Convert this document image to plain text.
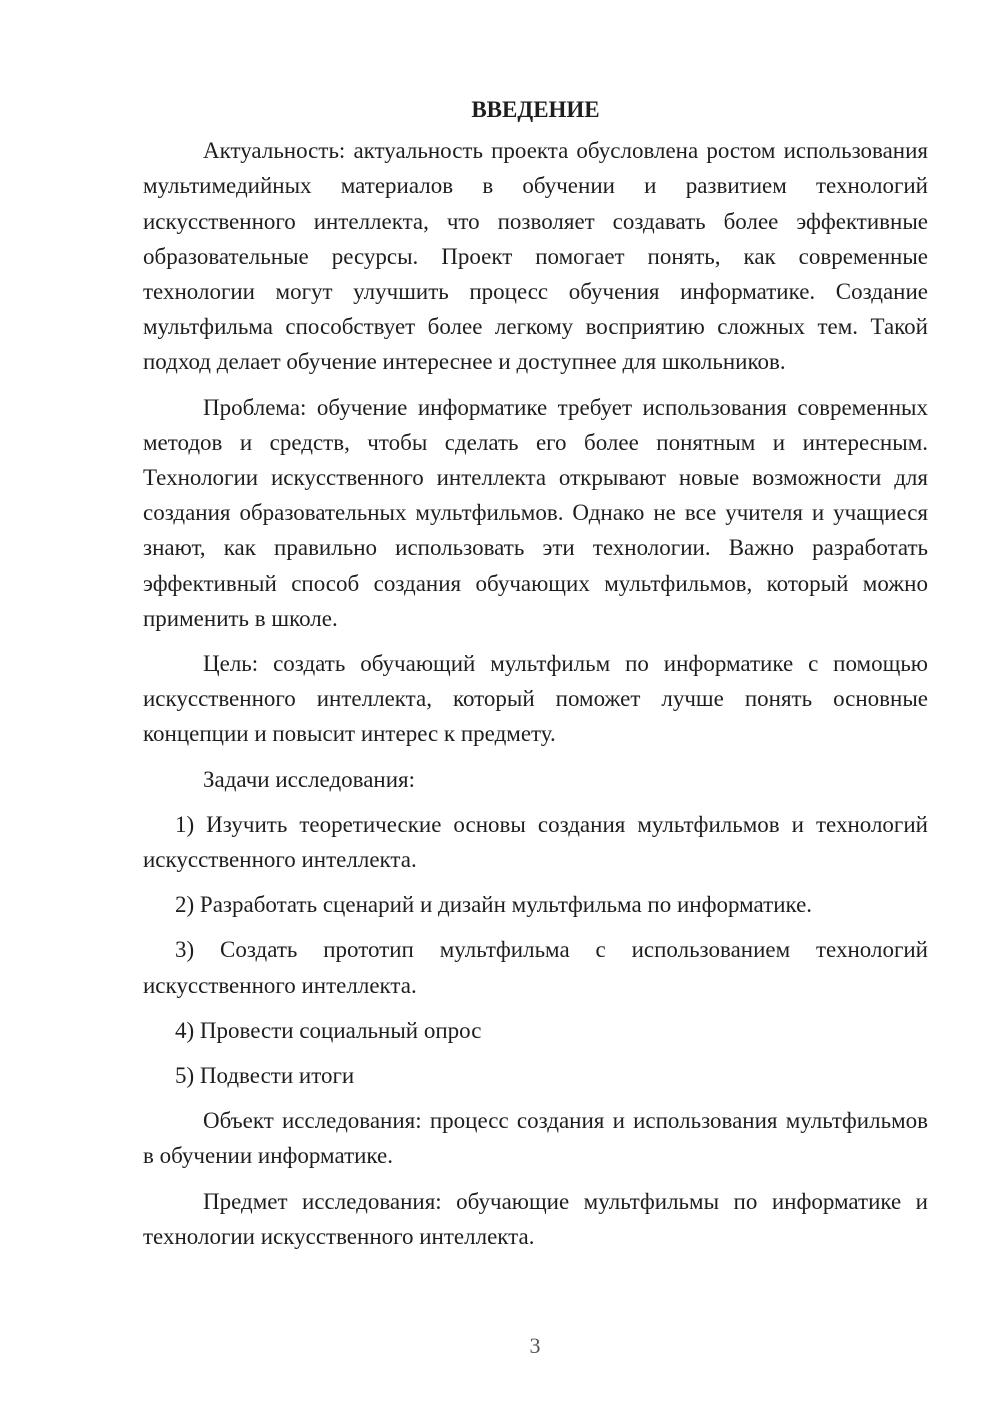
ВВЕДЕНИЕ

Актуальность: актуальность проекта обусловлена ростом использования мультимедийных материалов в обучении и развитием технологий искусственного интеллекта, что позволяет создавать более эффективные образовательные ресурсы. Проект помогает понять, как современные технологии могут улучшить процесс обучения информатике. Создание мультфильма способствует более легкому восприятию сложных тем. Такой подход делает обучение интереснее и доступнее для школьников.

Проблема: обучение информатике требует использования современных методов и средств, чтобы сделать его более понятным и интересным. Технологии искусственного интеллекта открывают новые возможности для создания образовательных мультфильмов. Однако не все учителя и учащиеся знают, как правильно использовать эти технологии. Важно разработать эффективный способ создания обучающих мультфильмов, который можно применить в школе.

Цель: создать обучающий мультфильм по информатике с помощью искусственного интеллекта, который поможет лучше понять основные концепции и повысит интерес к предмету.

Задачи исследования:

1) Изучить теоретические основы создания мультфильмов и технологий искусственного интеллекта.

2) Разработать сценарий и дизайн мультфильма по информатике.

3) Создать прототип мультфильма с использованием технологий искусственного интеллекта.

4) Провести социальный опрос

5) Подвести итоги

Объект исследования: процесс создания и использования мультфильмов в обучении информатике.

Предмет исследования: обучающие мультфильмы по информатике и технологии искусственного интеллекта.

3
